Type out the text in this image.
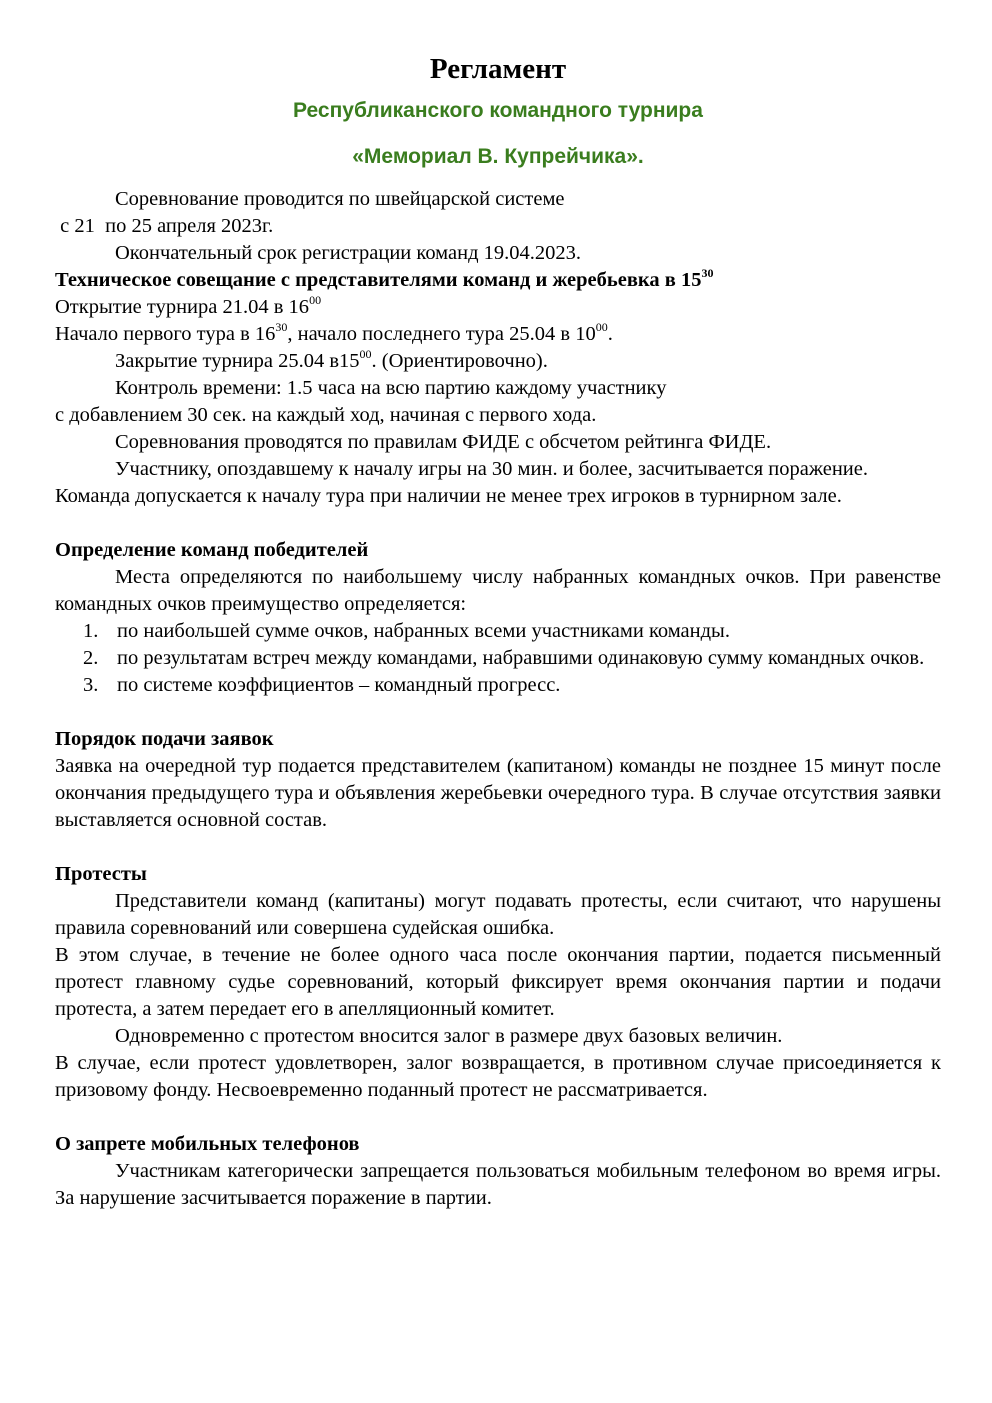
Регламент

Республиканского командного турнира

«Мемориал В. Купрейчика».

Соревнование проводится по швейцарской системе

с 21  по 25 апреля 2023г.

Окончательный срок регистрации команд 19.04.2023.

Техническое совещание с представителями команд и жеребьевка в $15^{30}$

Открытие турнира 21.04 в $16^{00}$

Начало первого тура в $16^{30}$, начало последнего тура 25.04 в $10^{00}$.

Закрытие турнира 25.04 $в15^{00}$. (Ориентировочно).

Контроль времени: 1.5 часа на всю партию каждому участнику

с добавлением 30 сек. на каждый ход, начиная с первого хода.

Соревнования проводятся по правилам ФИДЕ с обсчетом рейтинга ФИДЕ.

Участнику, опоздавшему к началу игры на 30 мин. и более, засчитывается поражение.

Команда допускается к началу тура при наличии не менее трех игроков в турнирном зале.

Определение команд победителей

Места определяются по наибольшему числу набранных командных очков. При равенстве командных очков преимущество определяется:

1. по наибольшей сумме очков, набранных всеми участниками команды.
2. по результатам встреч между командами, набравшими одинаковую сумму командных очков.
3. по системе коэффициентов – командный прогресс.

Порядок подачи заявок

Заявка на очередной тур подается представителем (капитаном) команды не позднее 15 минут после окончания предыдущего тура и объявления жеребьевки очередного тура. В случае отсутствия заявки выставляется основной состав.

Протесты

Представители команд (капитаны) могут подавать протесты, если считают, что нарушены правила соревнований или совершена судейская ошибка.

В этом случае, в течение не более одного часа после окончания партии, подается письменный протест главному судье соревнований, который фиксирует время окончания партии и подачи протеста, а затем передает его в апелляционный комитет.

Одновременно с протестом вносится залог в размере двух базовых величин.

В случае, если протест удовлетворен, залог возвращается, в противном случае присоединяется к призовому фонду. Несвоевременно поданный протест не рассматривается.

О запрете мобильных телефонов

Участникам категорически запрещается пользоваться мобильным телефоном во время игры. За нарушение засчитывается поражение в партии.
